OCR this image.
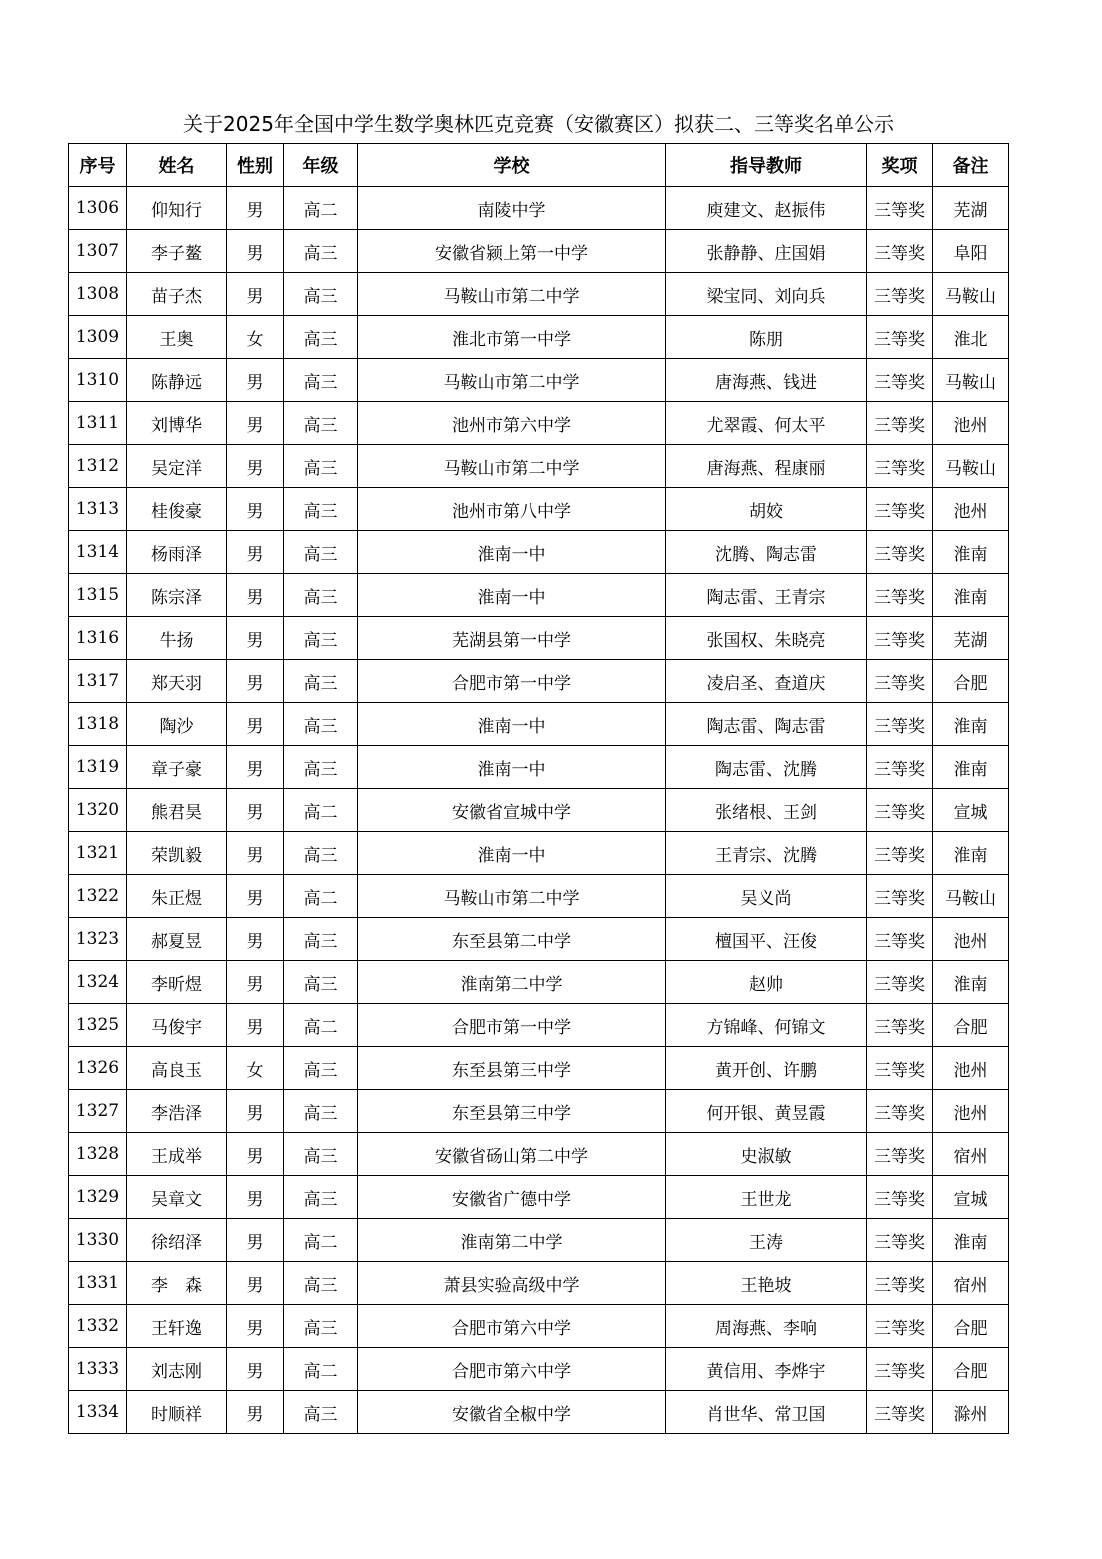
关于2025年全国中学生数学奥林匹克竞赛（安徽赛区）拟获二、三等奖名单公示
序号	姓名	性别	年级	学校	指导教师	奖项	备注
1306	仰知行	男	高二	南陵中学	庾建文、赵振伟	三等奖	芜湖
1307	李子鳌	男	高三	安徽省颍上第一中学	张静静、庄国娟	三等奖	阜阳
1308	苗子杰	男	高三	马鞍山市第二中学	梁宝同、刘向兵	三等奖	马鞍山
1309	王奥	女	高三	淮北市第一中学	陈朋	三等奖	淮北
1310	陈静远	男	高三	马鞍山市第二中学	唐海燕、钱进	三等奖	马鞍山
1311	刘博华	男	高三	池州市第六中学	尤翠霞、何太平	三等奖	池州
1312	吴定洋	男	高三	马鞍山市第二中学	唐海燕、程康丽	三等奖	马鞍山
1313	桂俊豪	男	高三	池州市第八中学	胡姣	三等奖	池州
1314	杨雨泽	男	高三	淮南一中	沈腾、陶志雷	三等奖	淮南
1315	陈宗泽	男	高三	淮南一中	陶志雷、王青宗	三等奖	淮南
1316	牛扬	男	高三	芜湖县第一中学	张国权、朱晓亮	三等奖	芜湖
1317	郑天羽	男	高三	合肥市第一中学	凌启圣、查道庆	三等奖	合肥
1318	陶沙	男	高三	淮南一中	陶志雷、陶志雷	三等奖	淮南
1319	章子豪	男	高三	淮南一中	陶志雷、沈腾	三等奖	淮南
1320	熊君昊	男	高二	安徽省宣城中学	张绪根、王剑	三等奖	宣城
1321	荣凯毅	男	高三	淮南一中	王青宗、沈腾	三等奖	淮南
1322	朱正煜	男	高二	马鞍山市第二中学	吴义尚	三等奖	马鞍山
1323	郝夏昱	男	高三	东至县第二中学	檀国平、汪俊	三等奖	池州
1324	李昕煜	男	高三	淮南第二中学	赵帅	三等奖	淮南
1325	马俊宇	男	高二	合肥市第一中学	方锦峰、何锦文	三等奖	合肥
1326	高良玉	女	高三	东至县第三中学	黄开创、许鹏	三等奖	池州
1327	李浩泽	男	高三	东至县第三中学	何开银、黄昱霞	三等奖	池州
1328	王成举	男	高三	安徽省砀山第二中学	史淑敏	三等奖	宿州
1329	吴章文	男	高三	安徽省广德中学	王世龙	三等奖	宣城
1330	徐绍泽	男	高二	淮南第二中学	王涛	三等奖	淮南
1331	李　森	男	高三	萧县实验高级中学	王艳坡	三等奖	宿州
1332	王轩逸	男	高三	合肥市第六中学	周海燕、李响	三等奖	合肥
1333	刘志刚	男	高二	合肥市第六中学	黄信用、李烨宇	三等奖	合肥
1334	时顺祥	男	高三	安徽省全椒中学	肖世华、常卫国	三等奖	滁州
